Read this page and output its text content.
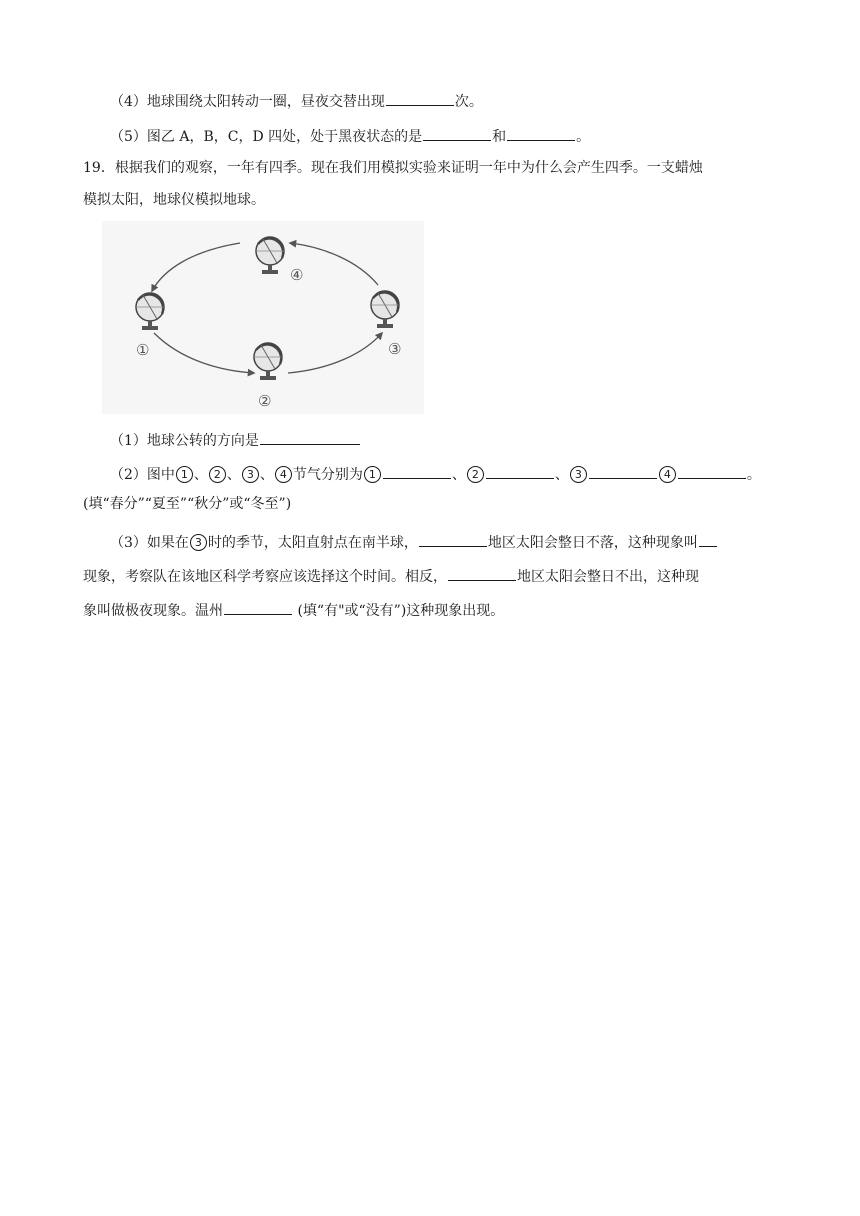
（4）地球围绕太阳转动一圈，昼夜交替出现	次。
（5）图乙 A，B，C，D 四处，处于黑夜状态的是	和	。
19．根据我们的观察，一年有四季。现在我们用模拟实验来证明一年中为什么会产生四季。一支蜡烛
模拟太阳，地球仪模拟地球。
④
①
②
③
（1）地球公转的方向是
（2）图中 1 、 2 、 3 、 4 节气分别为 1	、 2	、 3	4	。
(填“春分”“夏至”“秋分”或“冬至”)
（3）如果在 3 时的季节，太阳直射点在南半球，	地区太阳会整日不落，这种现象叫
现象，考察队在该地区科学考察应该选择这个时间。相反，	地区太阳会整日不出，这种现
象叫做极夜现象。温州	(填“有"或“没有”)这种现象出现。
